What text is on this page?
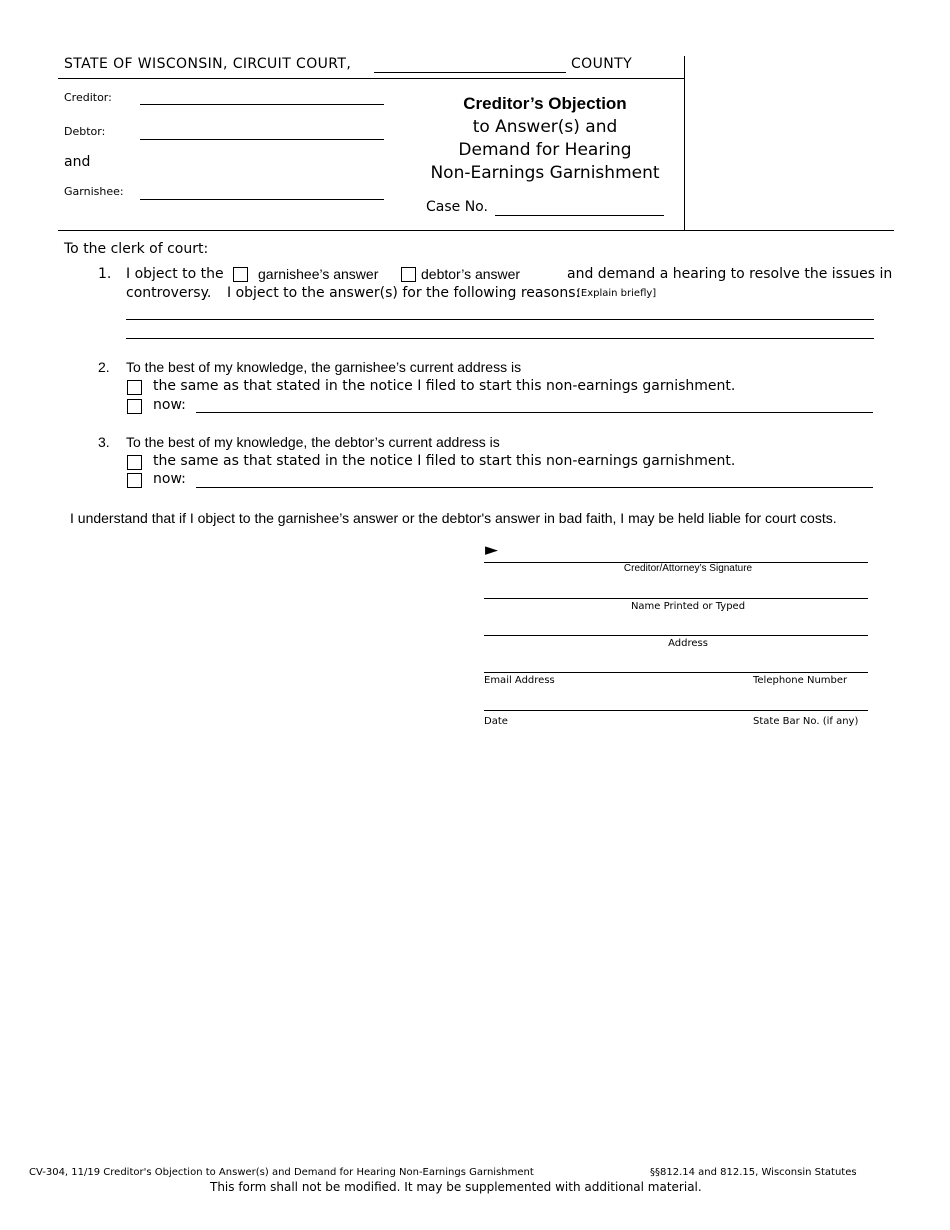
STATE OF WISCONSIN, CIRCUIT COURT,	COUNTY
Creditor:
Debtor:
and
Garnishee:
Creditor’s Objection
to Answer(s) and
Demand for Hearing
Non-Earnings Garnishment
Case No.
To the clerk of court:
1. I object to the garnishee’s answer	debtor’s answer	and demand a hearing to resolve the issues in
controversy. I object to the answer(s) for the following reasons:
[Explain briefly]
2. To the best of my knowledge, the garnishee’s current address is
the same as that stated in the notice I filed to start this non-earnings garnishment.
now:
3. To the best of my knowledge, the debtor’s current address is
the same as that stated in the notice I filed to start this non-earnings garnishment.
now:
I understand that if I object to the garnishee’s answer or the debtor's answer in bad faith, I may be held liable for court costs.
►
Creditor/Attorney’s Signature
Name Printed or Typed
Address
Email Address	Telephone Number
Date	State Bar No. (if any)
CV-304, 11/19 Creditor's Objection to Answer(s) and Demand for Hearing Non-Earnings Garnishment	§§812.14 and 812.15, Wisconsin Statutes
This form shall not be modified. It may be supplemented with additional material.
